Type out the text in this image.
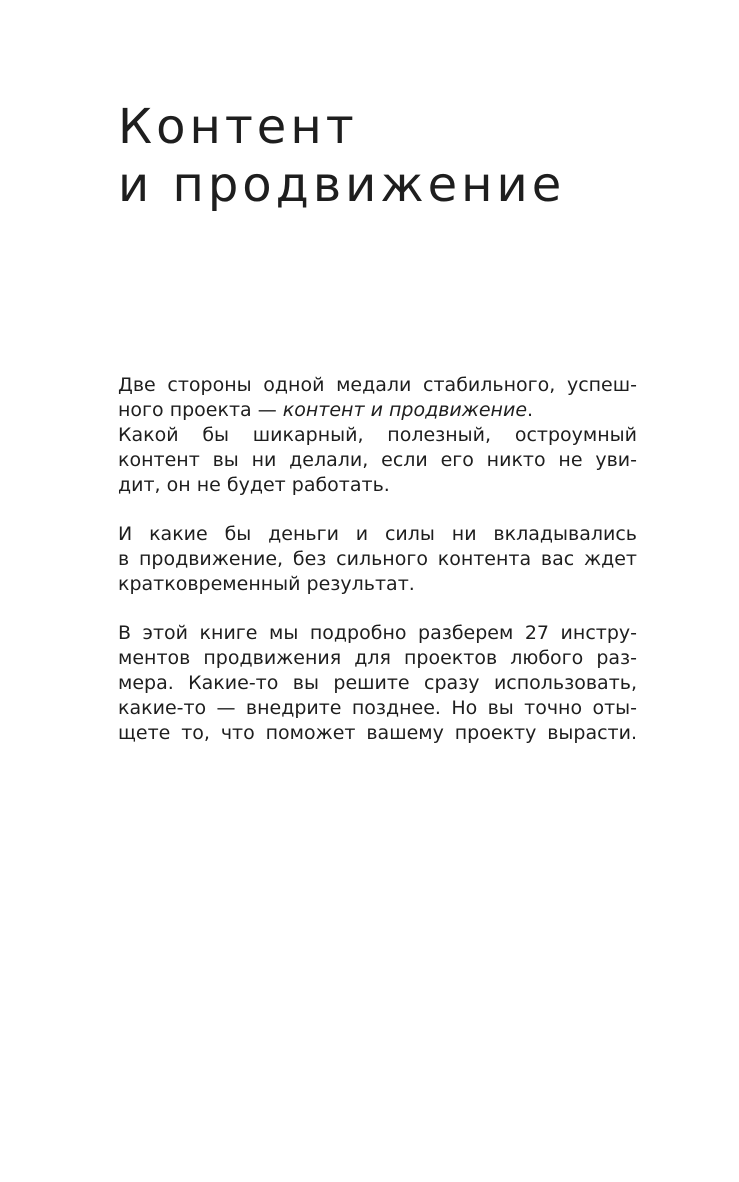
Контент
и продвижение

Две стороны одной медали стабильного, успеш-
ного проекта — контент и продвижение.
Какой бы шикарный, полезный, остроумный
контент вы ни делали, если его никто не уви-
дит, он не будет работать.

И какие бы деньги и силы ни вкладывались
в продвижение, без сильного контента вас ждет
кратковременный результат.

В этой книге мы подробно разберем 27 инстру-
ментов продвижения для проектов любого раз-
мера. Какие-то вы решите сразу использовать,
какие-то — внедрите позднее. Но вы точно оты-
щете то, что поможет вашему проекту вырасти.
